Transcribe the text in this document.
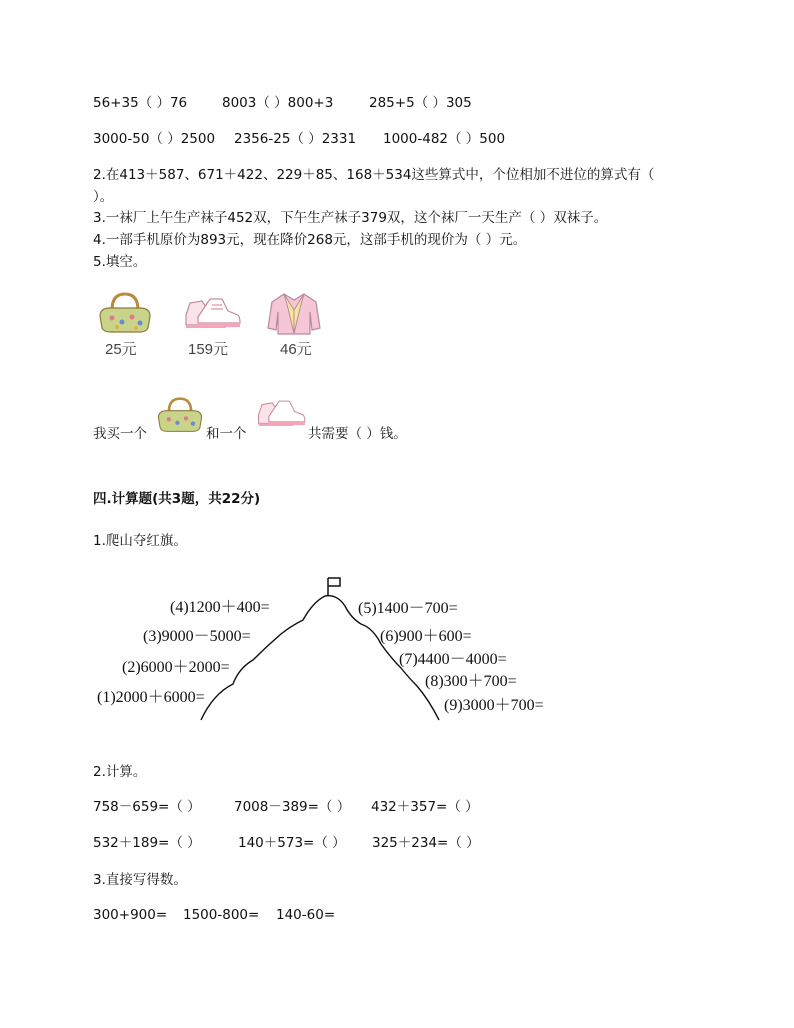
56+35（ ）76	8003（ ）800+3	285+5（ ）305
3000-50（ ）2500 2356-25（ ）2331 1000-482（ ）500
2.在413＋587、671＋422、229＋85、168＋534这些算式中，个位相加不进位的算式有（
）。
3.一袜厂上午生产袜子452双，下午生产袜子379双，这个袜厂一天生产（ ）双袜子。
4.一部手机原价为893元，现在降价268元，这部手机的现价为（ ）元。
5.填空。
25元	159元	46元
我买一个	和一个	共需要（ ）钱。
四.计算题(共3题，共22分)
1.爬山夺红旗。
(4)1200＋400=
(3)9000－5000=
(2)6000＋2000=
(1)2000＋6000=
(5)1400－700=
(6)900＋600=
(7)4400－4000=
(8)300＋700=
(9)3000＋700=
2.计算。
758－659=（ ） 7008－389=（ ） 432＋357=（ ）
532＋189=（ ）	140＋573=（ ） 325＋234=（ ）
3.直接写得数。
300+900= 1500-800= 140-60=
